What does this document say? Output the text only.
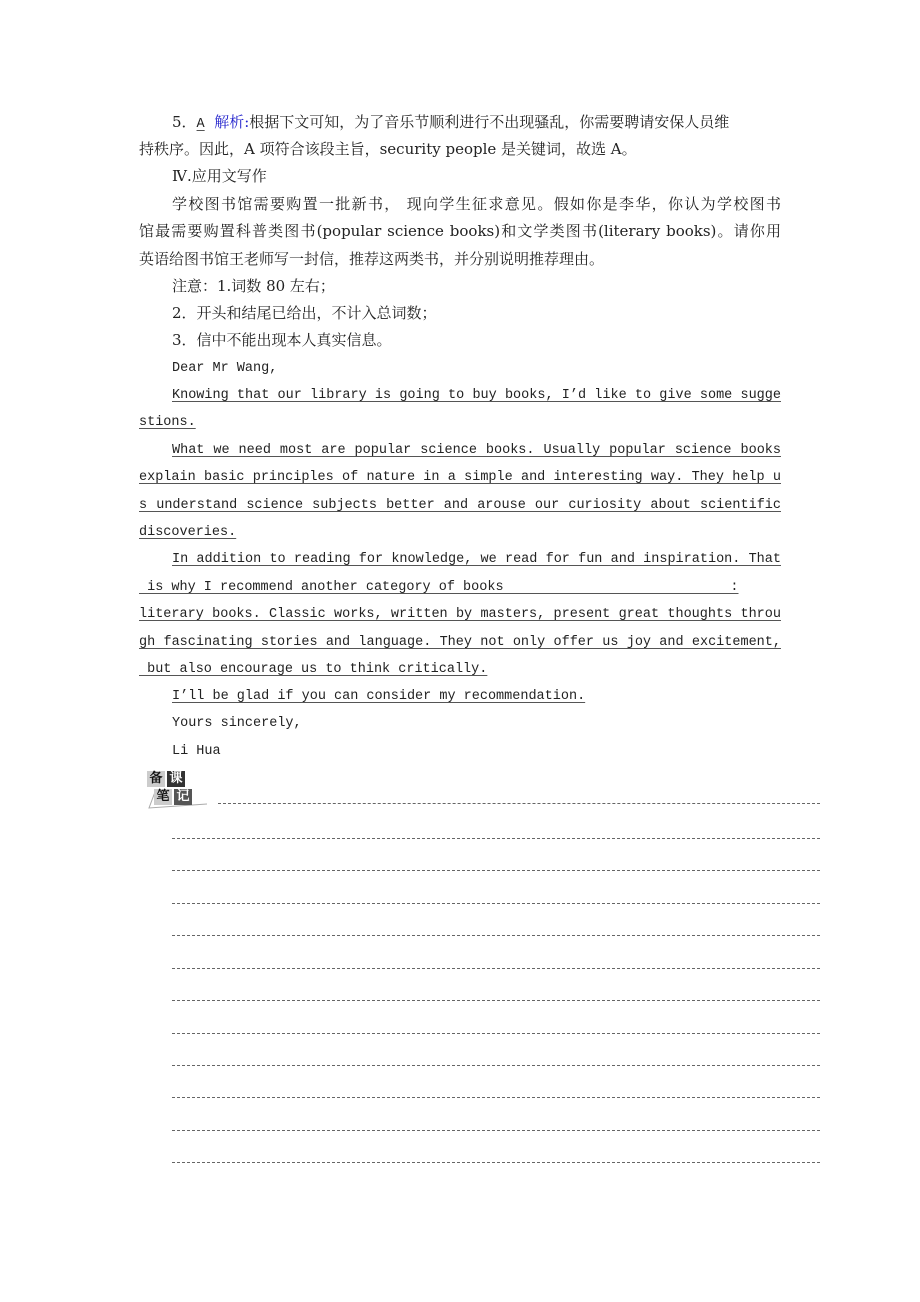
5．A 解析:根据下文可知，为了音乐节顺利进行不出现骚乱，你需要聘请安保人员维
持秩序。因此，A 项符合该段主旨，security people 是关键词，故选 A。
Ⅳ.应用文写作
学校图书馆需要购置一批新书， 现向学生征求意见。假如你是李华，你认为学校图书
馆最需要购置科普类图书(popular science books)和文学类图书(literary books)。请你用
英语给图书馆王老师写一封信，推荐这两类书，并分别说明推荐理由。
注意：1.词数 80 左右；
2．开头和结尾已给出，不计入总词数；
3．信中不能出现本人真实信息。
Dear Mr Wang,
Knowing that our library is going to buy books, I’d like to give some sugge
stions.
What we need most are popular science books. Usually popular science books
explain basic principles of nature in a simple and interesting way. They help u
s understand science subjects better and arouse our curiosity about scientific
discoveries.
In addition to reading for knowledge, we read for fun and inspiration. That
is why I recommend another category of books                            :
literary books. Classic works, written by masters, present great thoughts throu
gh fascinating stories and language. They not only offer us joy and excitement,
but also encourage us to think critically.
I’ll be glad if you can consider my recommendation.
Yours sincerely,
Li Hua
备 课
笔 记
